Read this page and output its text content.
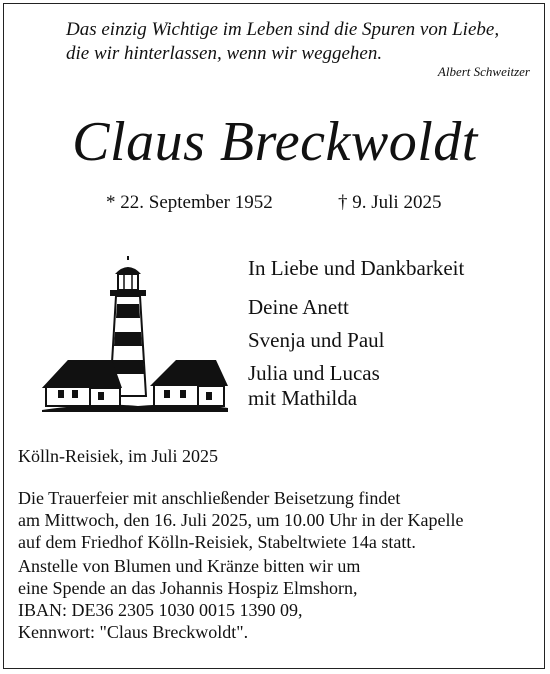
Das einzig Wichtige im Leben sind die Spuren von Liebe,
die wir hinterlassen, wenn wir weggehen.
Albert Schweitzer
Claus Breckwoldt
* 22. September 1952	† 9. Juli 2025
In Liebe und Dankbarkeit
Deine Anett
Svenja und Paul
Julia und Lucas
mit Mathilda
Kölln-Reisiek, im Juli 2025
Die Trauerfeier mit anschließender Beisetzung findet
am Mittwoch, den 16. Juli 2025, um 10.00 Uhr in der Kapelle
auf dem Friedhof Kölln-Reisiek, Stabeltwiete 14a statt.
Anstelle von Blumen und Kränze bitten wir um
eine Spende an das Johannis Hospiz Elmshorn,
IBAN: DE36 2305 1030 0015 1390 09,
Kennwort: "Claus Breckwoldt".
